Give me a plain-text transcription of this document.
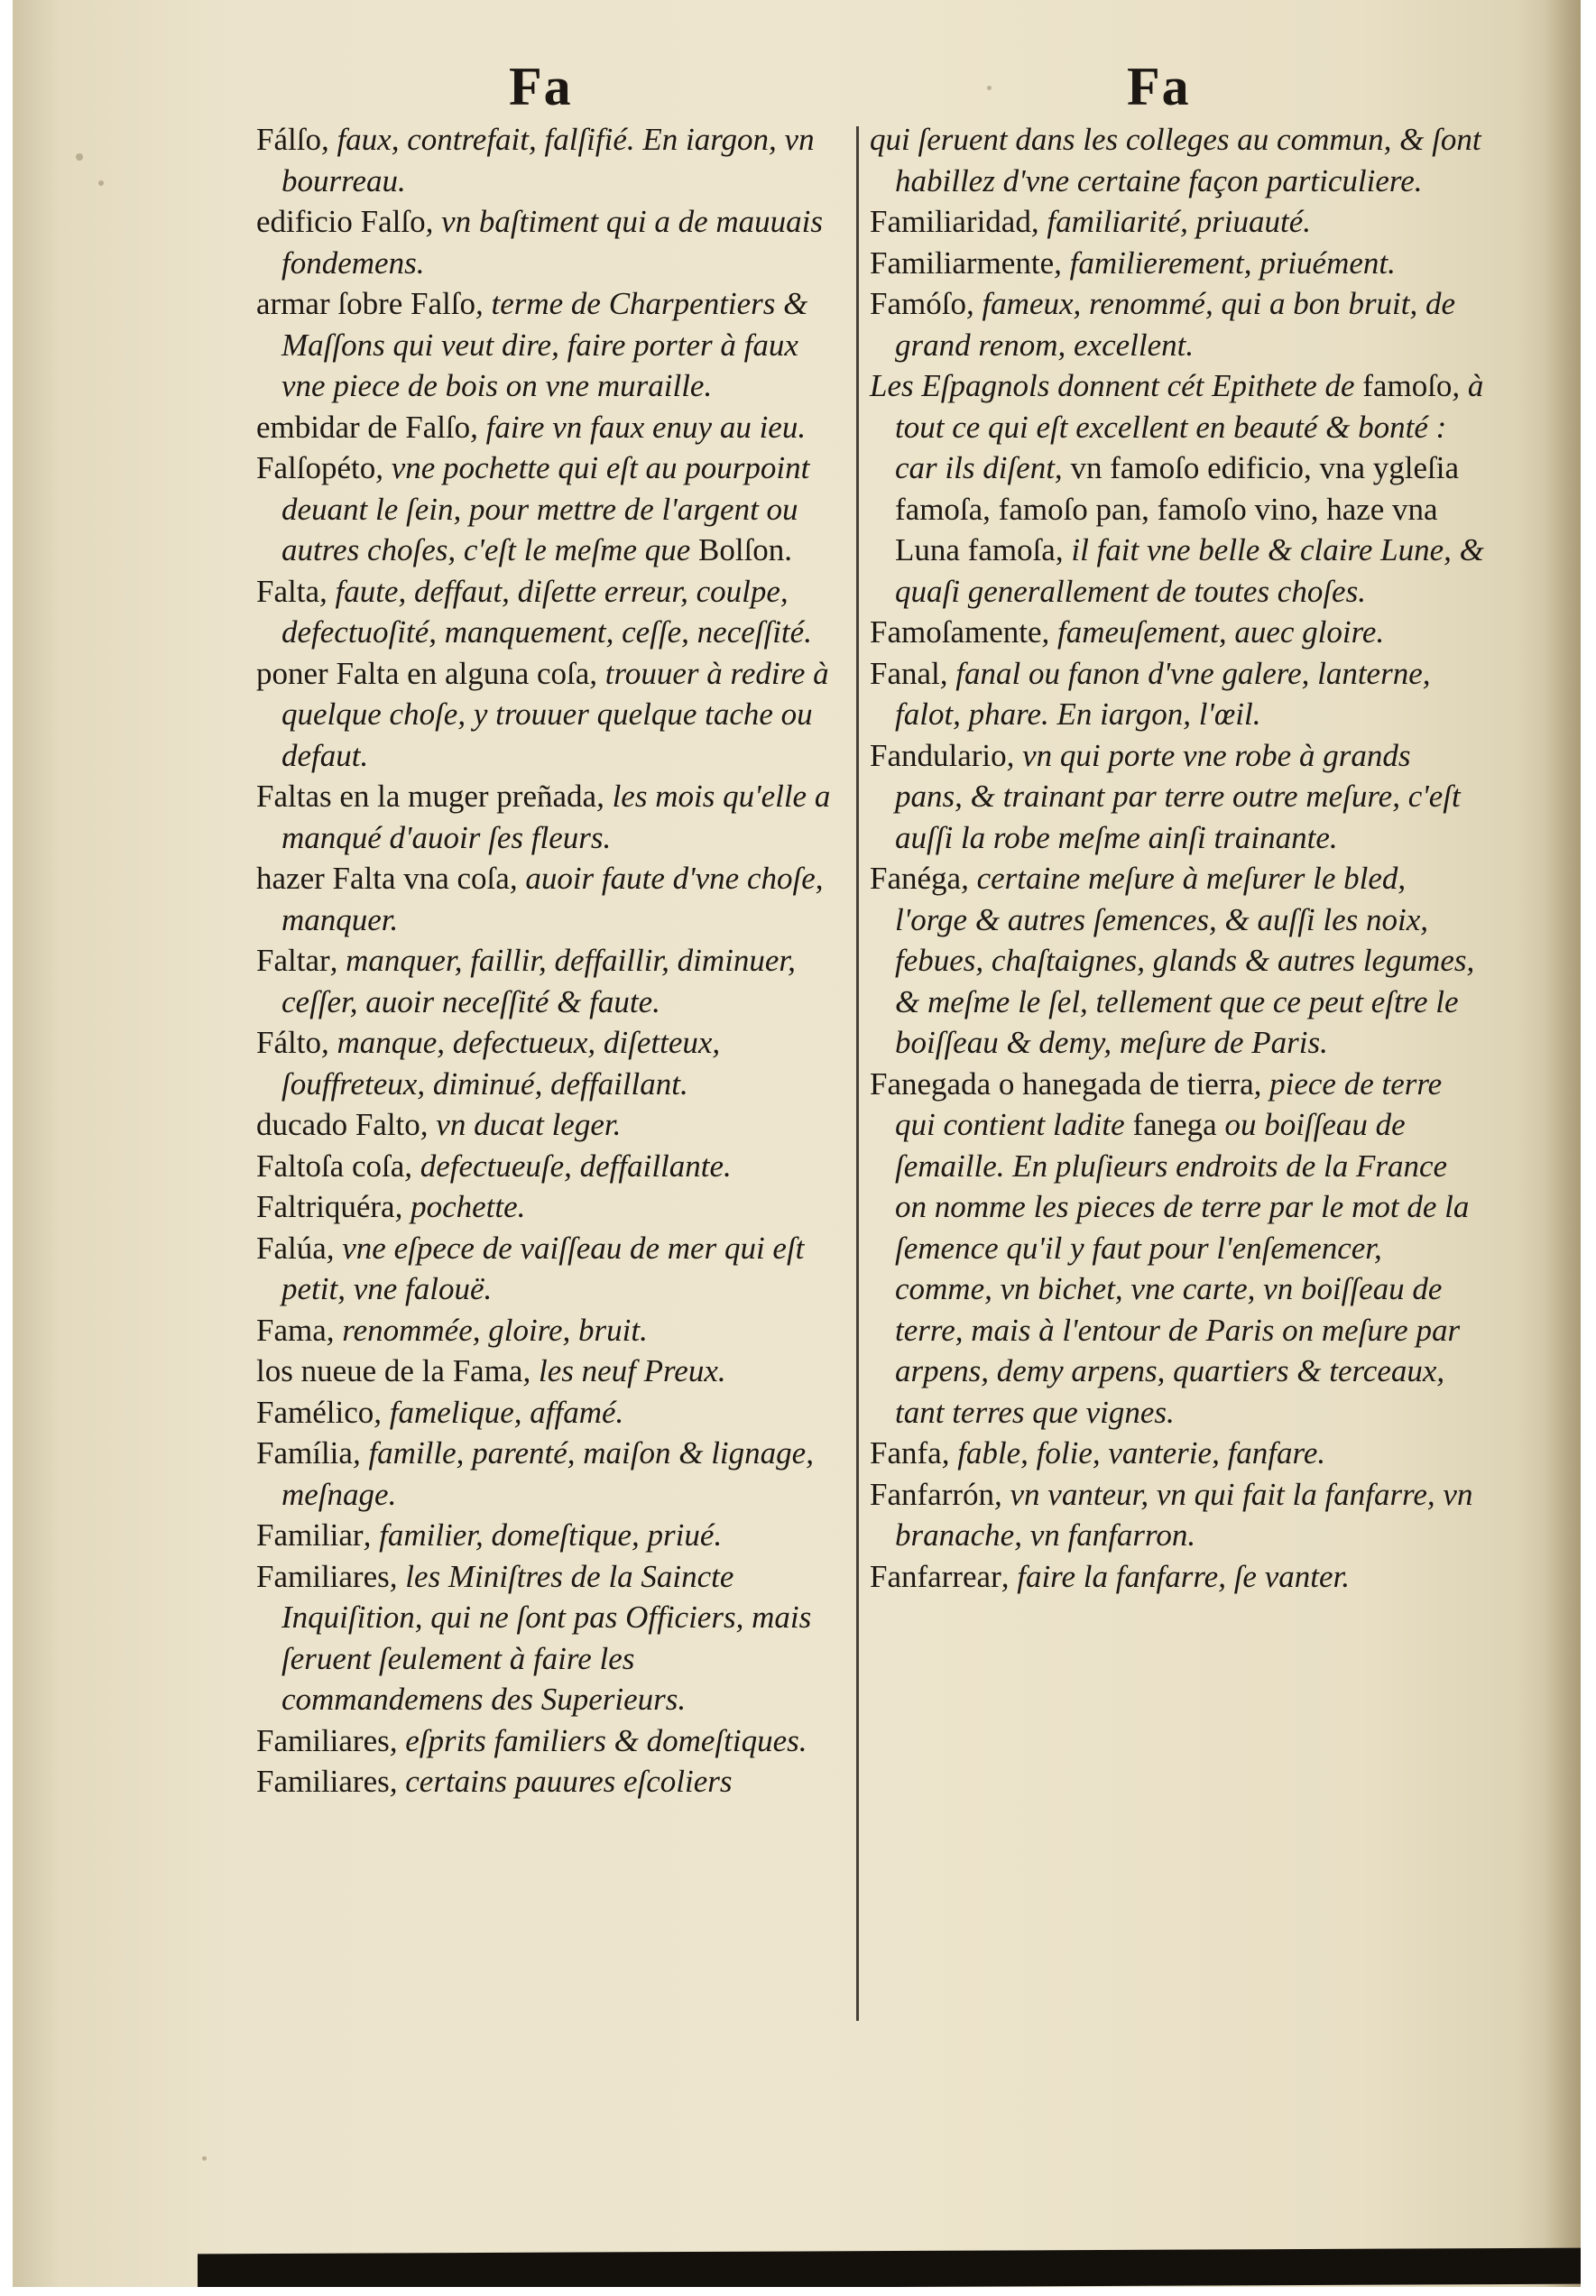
Fa	Fa
Fálſo, faux, contrefait, falſifié. En iargon, vn bourreau.
edificio Falſo, vn baſtiment qui a de mauuais fondemens.
armar ſobre Falſo, terme de Charpentiers & Maſſons qui veut dire, faire porter à faux vne piece de bois on vne muraille.
embidar de Falſo, faire vn faux enuy au ieu.
Falſopéto, vne pochette qui eſt au pourpoint deuant le ſein, pour mettre de l'argent ou autres choſes, c'eſt le meſme que Bolſon.
Falta, faute, deffaut, diſette erreur, coulpe, defectuoſité, manquement, ceſſe, neceſſité.
poner Falta en alguna coſa, trouuer à redire à quelque choſe, y trouuer quelque tache ou defaut.
Faltas en la muger preñada, les mois qu'elle a manqué d'auoir ſes fleurs.
hazer Falta vna coſa, auoir faute d'vne choſe, manquer.
Faltar, manquer, faillir, deffaillir, diminuer, ceſſer, auoir neceſſité & faute.
Fálto, manque, defectueux, diſetteux, ſouffreteux, diminué, deffaillant.
ducado Falto, vn ducat leger.
Faltoſa coſa, defectueuſe, deffaillante.
Faltriquéra, pochette.
Falúa, vne eſpece de vaiſſeau de mer qui eſt petit, vne falouë.
Fama, renommée, gloire, bruit.
los nueue de la Fama, les neuf Preux.
Famélico, famelique, affamé.
Família, famille, parenté, maiſon & lignage, meſnage.
Familiar, familier, domeſtique, priué.
Familiares, les Miniſtres de la Saincte Inquiſition, qui ne ſont pas Officiers, mais ſeruent ſeulement à faire les commandemens des Superieurs.
Familiares, eſprits familiers & domeſtiques.
Familiares, certains pauures eſcoliers
qui ſeruent dans les colleges au commun, & ſont habillez d'vne certaine façon particuliere.
Familiaridad, familiarité, priuauté.
Familiarmente, familierement, priuément.
Famóſo, fameux, renommé, qui a bon bruit, de grand renom, excellent.
Les Eſpagnols donnent cét Epithete de famoſo, à tout ce qui eſt excellent en beauté & bonté : car ils diſent, vn famoſo edificio, vna ygleſia famoſa, famoſo pan, famoſo vino, haze vna Luna famoſa, il fait vne belle & claire Lune, & quaſi generallement de toutes choſes.
Famoſamente, fameuſement, auec gloire.
Fanal, fanal ou fanon d'vne galere, lanterne, falot, phare. En iargon, l'œil.
Fandulario, vn qui porte vne robe à grands pans, & trainant par terre outre meſure, c'eſt auſſi la robe meſme ainſi trainante.
Fanéga, certaine meſure à meſurer le bled, l'orge & autres ſemences, & auſſi les noix, febues, chaſtaignes, glands & autres legumes, & meſme le ſel, tellement que ce peut eſtre le boiſſeau & demy, meſure de Paris.
Fanegada o hanegada de tierra, piece de terre qui contient ladite fanega ou boiſſeau de ſemaille. En pluſieurs endroits de la France on nomme les pieces de terre par le mot de la ſemence qu'il y faut pour l'enſemencer, comme, vn bichet, vne carte, vn boiſſeau de terre, mais à l'entour de Paris on meſure par arpens, demy arpens, quartiers & terceaux, tant terres que vignes.
Fanfa, fable, folie, vanterie, fanfare.
Fanfarrón, vn vanteur, vn qui fait la fanfarre, vn branache, vn fanfarron.
Fanfarrear, faire la fanfarre, ſe vanter.
